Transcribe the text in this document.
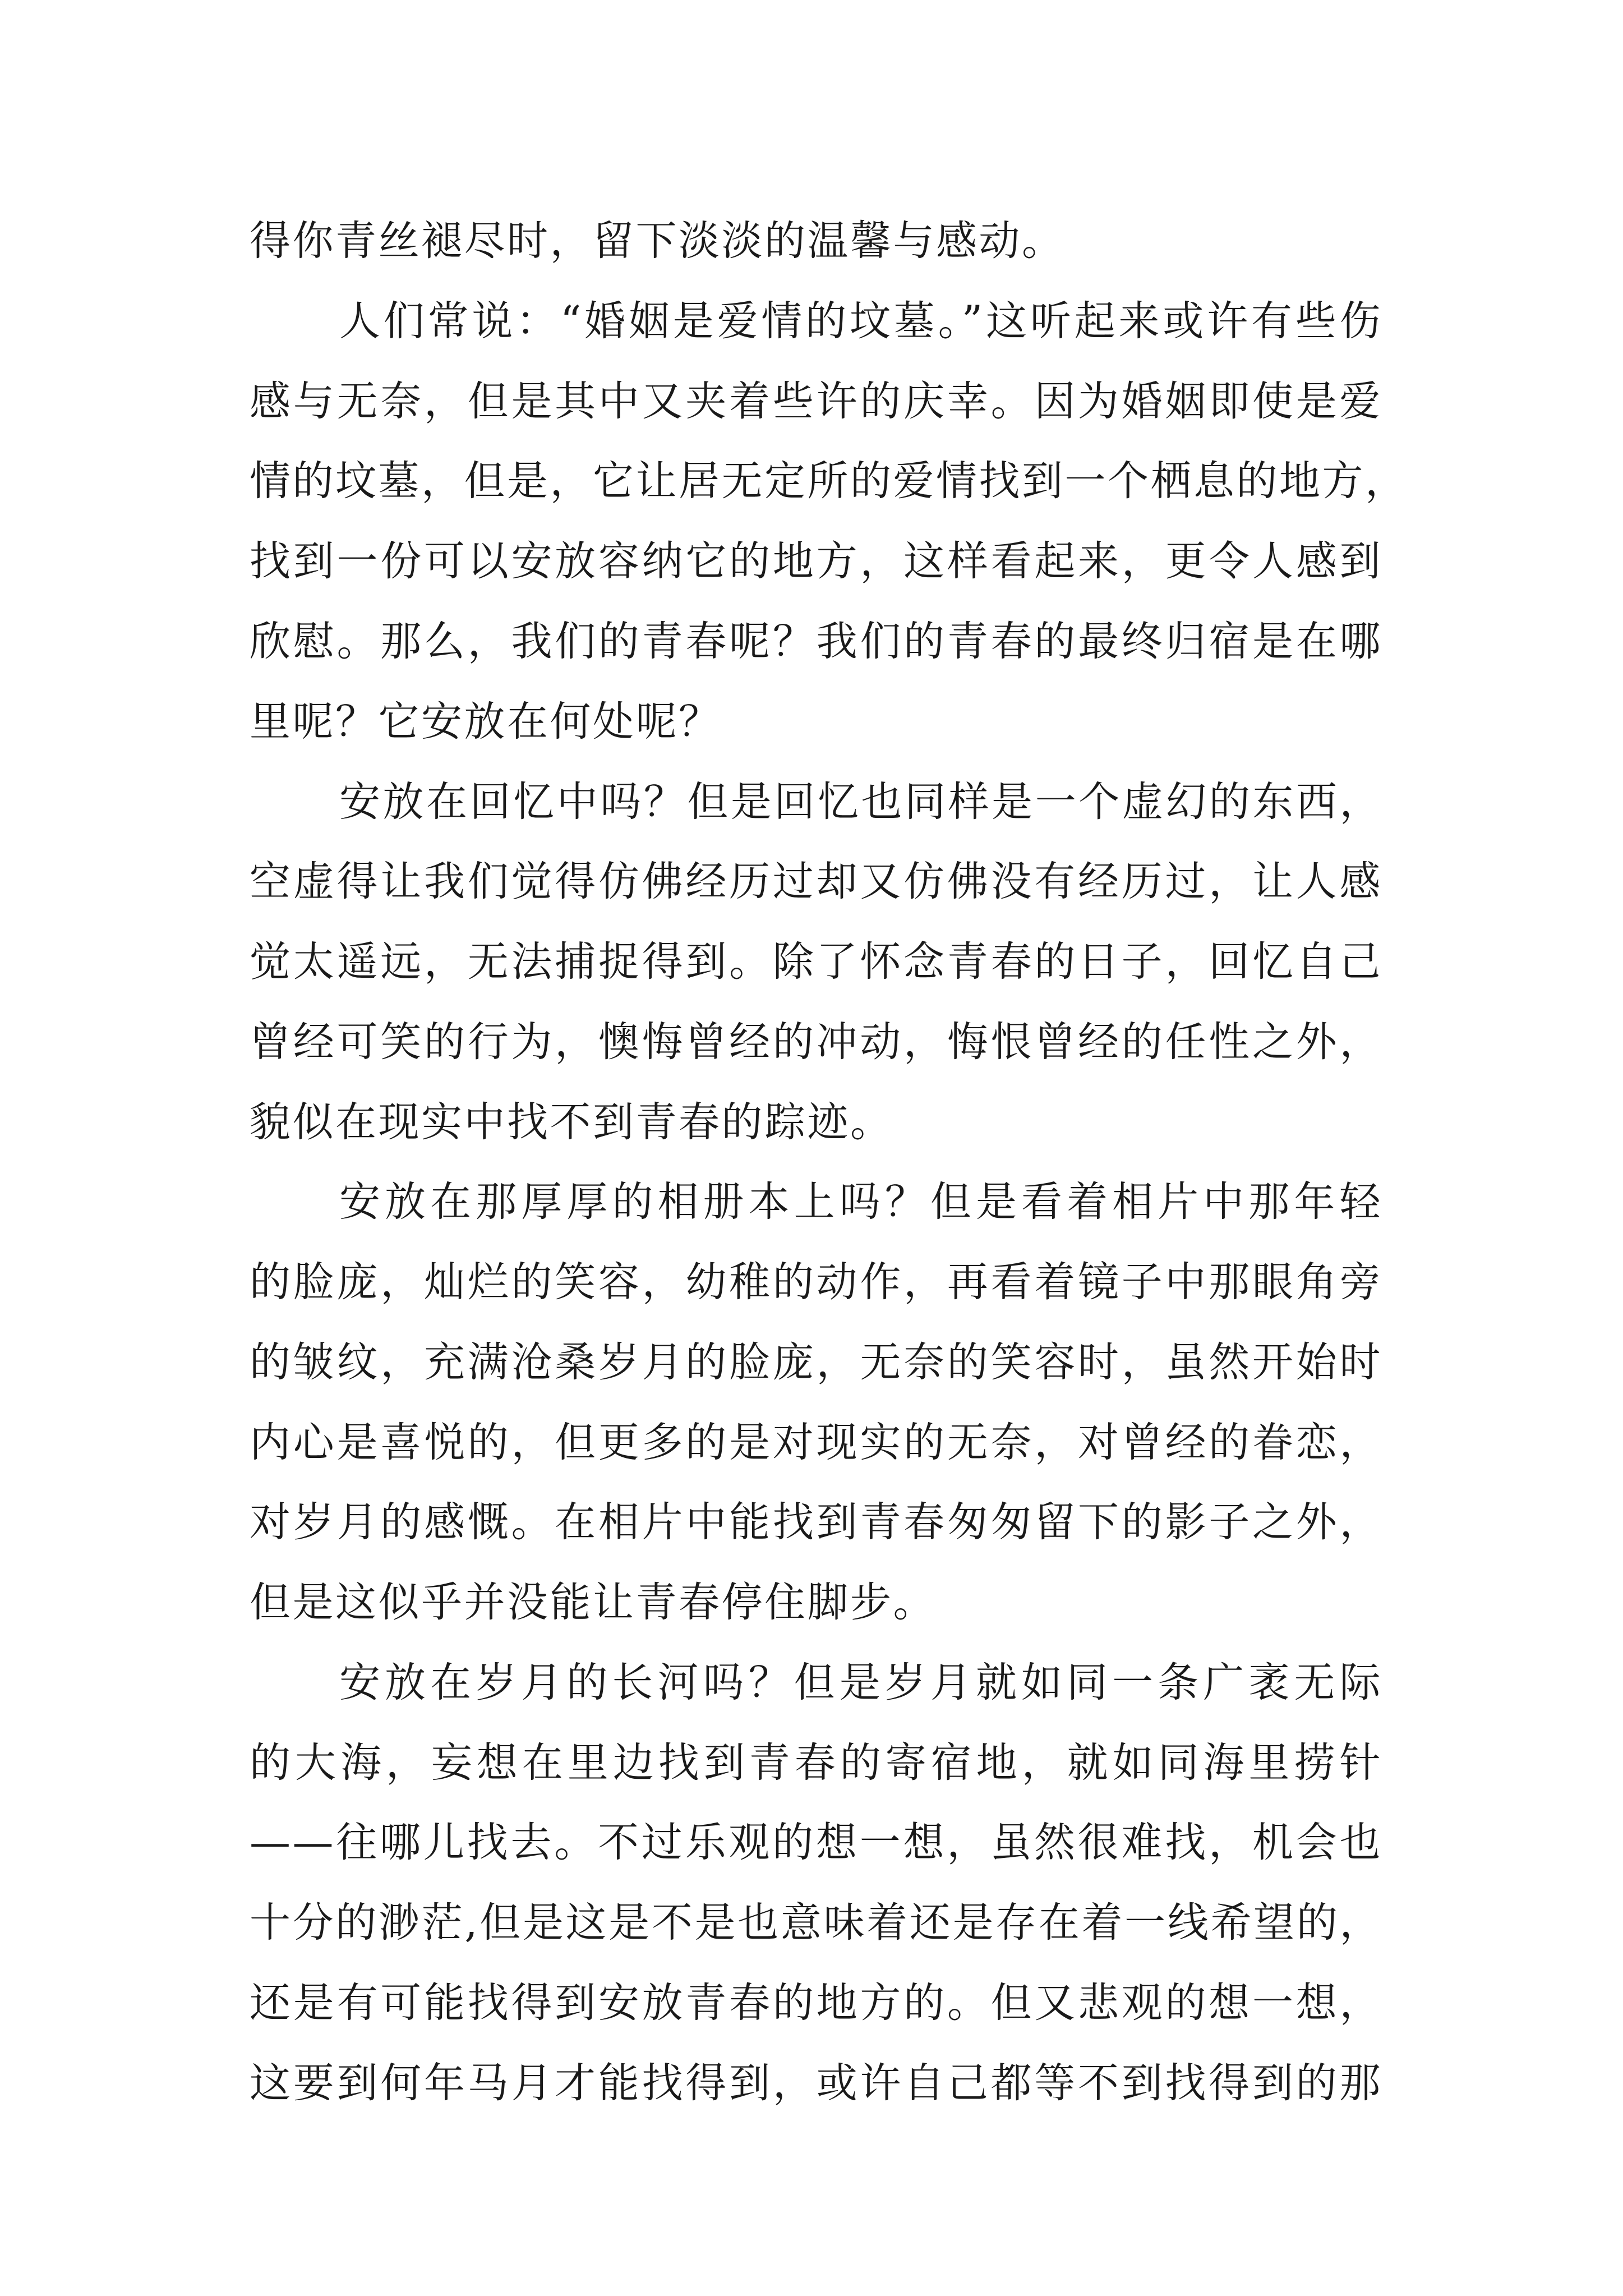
得你青丝褪尽时，留下淡淡的温馨与感动。
人们常说：“婚姻是爱情的坟墓。”这听起来或许有些伤
感与无奈，但是其中又夹着些许的庆幸。因为婚姻即使是爱
情的坟墓，但是，它让居无定所的爱情找到一个栖息的地方，
找到一份可以安放容纳它的地方，这样看起来，更令人感到
欣慰。那么，我们的青春呢？我们的青春的最终归宿是在哪
里呢？它安放在何处呢？
安放在回忆中吗？但是回忆也同样是一个虚幻的东西，
空虚得让我们觉得仿佛经历过却又仿佛没有经历过，让人感
觉太遥远，无法捕捉得到。除了怀念青春的日子，回忆自己
曾经可笑的行为，懊悔曾经的冲动，悔恨曾经的任性之外，
貌似在现实中找不到青春的踪迹。
安放在那厚厚的相册本上吗？但是看着相片中那年轻
的脸庞，灿烂的笑容，幼稚的动作，再看着镜子中那眼角旁
的皱纹，充满沧桑岁月的脸庞，无奈的笑容时，虽然开始时
内心是喜悦的，但更多的是对现实的无奈，对曾经的眷恋，
对岁月的感慨。在相片中能找到青春匆匆留下的影子之外，
但是这似乎并没能让青春停住脚步。
安放在岁月的长河吗？但是岁月就如同一条广袤无际
的大海，妄想在里边找到青春的寄宿地，就如同海里捞针
——往哪儿找去。不过乐观的想一想，虽然很难找，机会也
十分的渺茫,但是这是不是也意味着还是存在着一线希望的，
还是有可能找得到安放青春的地方的。但又悲观的想一想，
这要到何年马月才能找得到，或许自己都等不到找得到的那
